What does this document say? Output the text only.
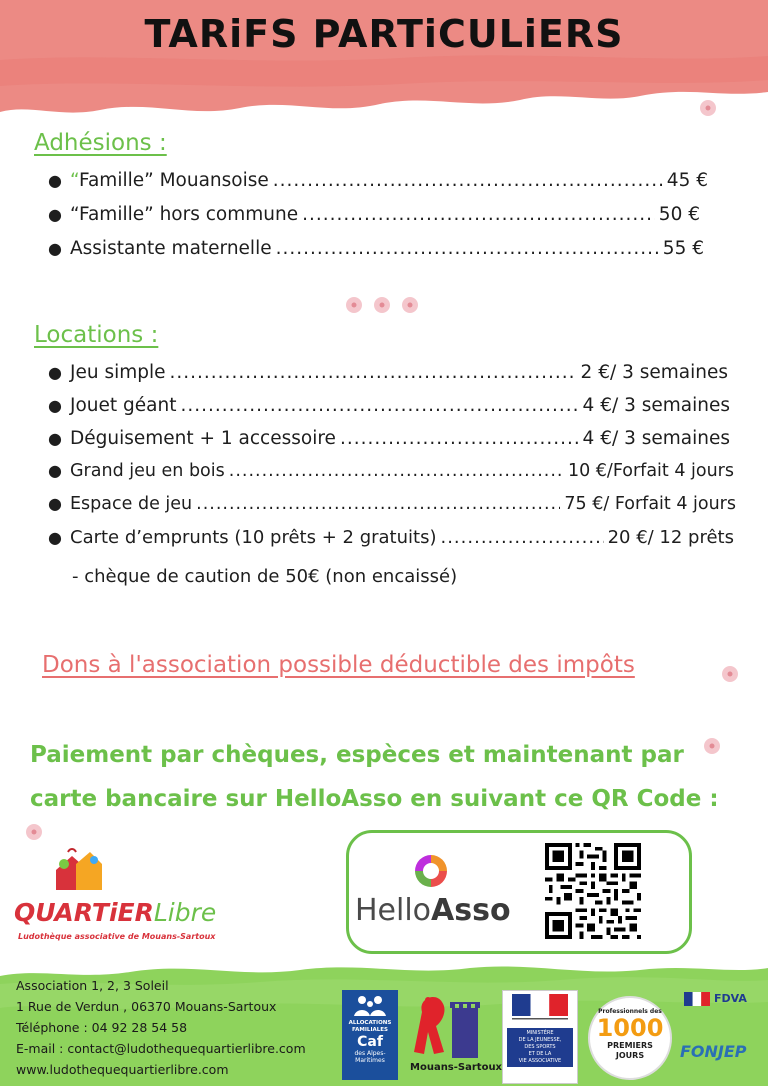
TARiFS PARTiCULiERS
Adhésions :
● “Famille” Mouansoise .....	45 €
● “Famille” hors commune .....	50 €
● Assistante maternelle .....	55 €
Locations :
● Jeu simple .....	2 €/ 3 semaines
● Jouet géant .....	4 €/ 3 semaines
● Déguisement + 1 accessoire .....	4 €/ 3 semaines
● Grand jeu en bois .....	10 €/Forfait 4 jours
● Espace de jeu .....	75 €/ Forfait 4 jours
● Carte d’emprunts (10 prêts + 2 gratuits) .....	20 €/ 12 prêts
- chèque de caution de 50€ (non encaissé)
Dons à l'association possible déductible des impôts
Paiement par chèques, espèces et maintenant par
carte bancaire sur HelloAsso en suivant ce QR Code :
QUARTiERLibre
Ludothèque associative de Mouans-Sartoux
HelloAsso
Association 1, 2, 3 Soleil
1 Rue de Verdun , 06370 Mouans-Sartoux
Téléphone : 04 92 28 54 58
E-mail : contact@ludothequequartierlibre.com
www.ludothequequartierlibre.com
ALLOCATIONS
FAMILIALES
Caf
des Alpes-
Maritimes
Mouans-Sartoux
MINISTÈRE
DE LA JEUNESSE,
DES SPORTS
ET DE LA
VIE ASSOCIATIVE
Professionnels des
1000
PREMIERS
JOURS
FDVA
FONJEP
